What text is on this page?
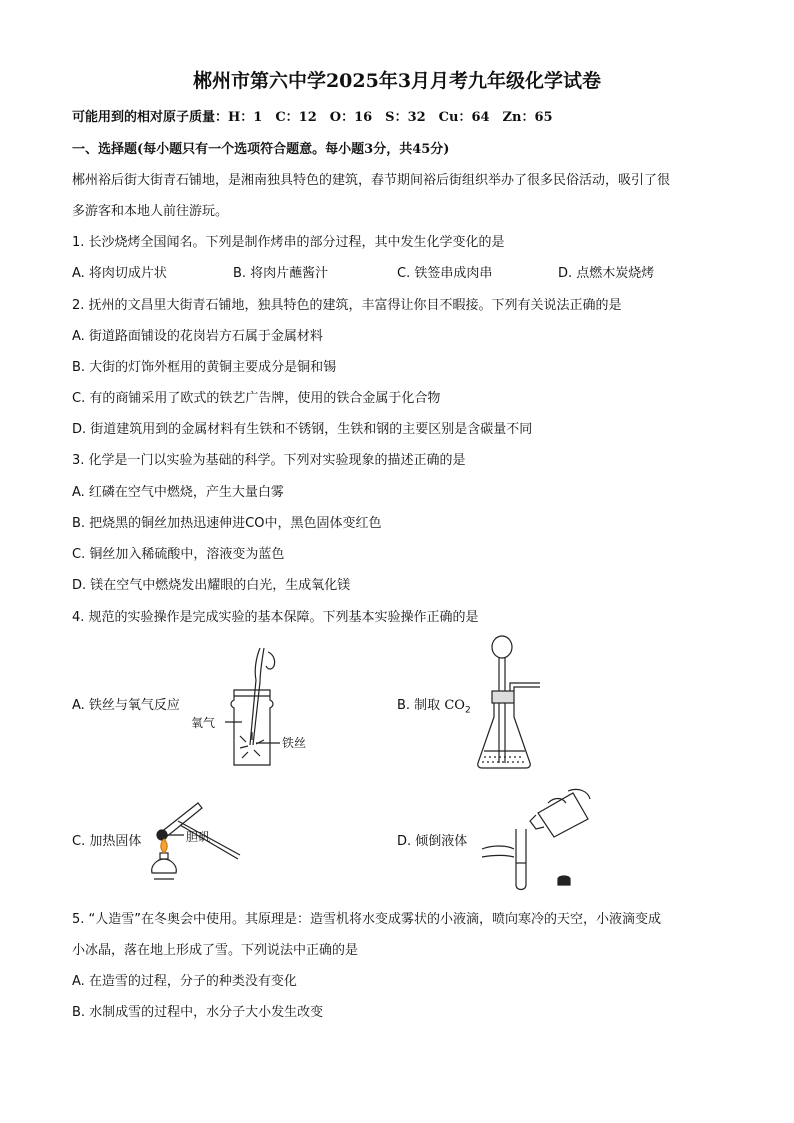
郴州市第六中学2025年3月月考九年级化学试卷
可能用到的相对原子质量：H：1　C：12　O：16　S：32　Cu：64　Zn：65
一、选择题(每小题只有一个选项符合题意。每小题3分，共45分)
郴州裕后街大街青石铺地，是湘南独具特色的建筑，春节期间裕后街组织举办了很多民俗活动，吸引了很
多游客和本地人前往游玩。
1. 长沙烧烤全国闻名。下列是制作烤串的部分过程，其中发生化学变化的是
A. 将肉切成片状	B. 将肉片蘸酱汁	C. 铁签串成肉串	D. 点燃木炭烧烤
2. 抚州的文昌里大街青石铺地，独具特色的建筑，丰富得让你目不暇接。下列有关说法正确的是
A. 街道路面铺设的花岗岩方石属于金属材料
B. 大街的灯饰外框用的黄铜主要成分是铜和锡
C. 有的商铺采用了欧式的铁艺广告牌，使用的铁合金属于化合物
D. 街道建筑用到的金属材料有生铁和不锈钢，生铁和钢的主要区别是含碳量不同
3. 化学是一门以实验为基础的科学。下列对实验现象的描述正确的是
A. 红磷在空气中燃烧，产生大量白雾
B. 把烧黑的铜丝加热迅速伸进CO中，黑色固体变红色
C. 铜丝加入稀硫酸中，溶液变为蓝色
D. 镁在空气中燃烧发出耀眼的白光，生成氧化镁
4. 规范的实验操作是完成实验的基本保障。下列基本实验操作正确的是
A. 铁丝与氧气反应	B. 制取 $CO_2$
C. 加热固体	D. 倾倒液体
氧气
铁丝
胆矾
5. “人造雪”在冬奥会中使用。其原理是：造雪机将水变成雾状的小液滴，喷向寒冷的天空，小液滴变成
小冰晶，落在地上形成了雪。下列说法中正确的是
A. 在造雪的过程，分子的种类没有变化
B. 水制成雪的过程中，水分子大小发生改变
